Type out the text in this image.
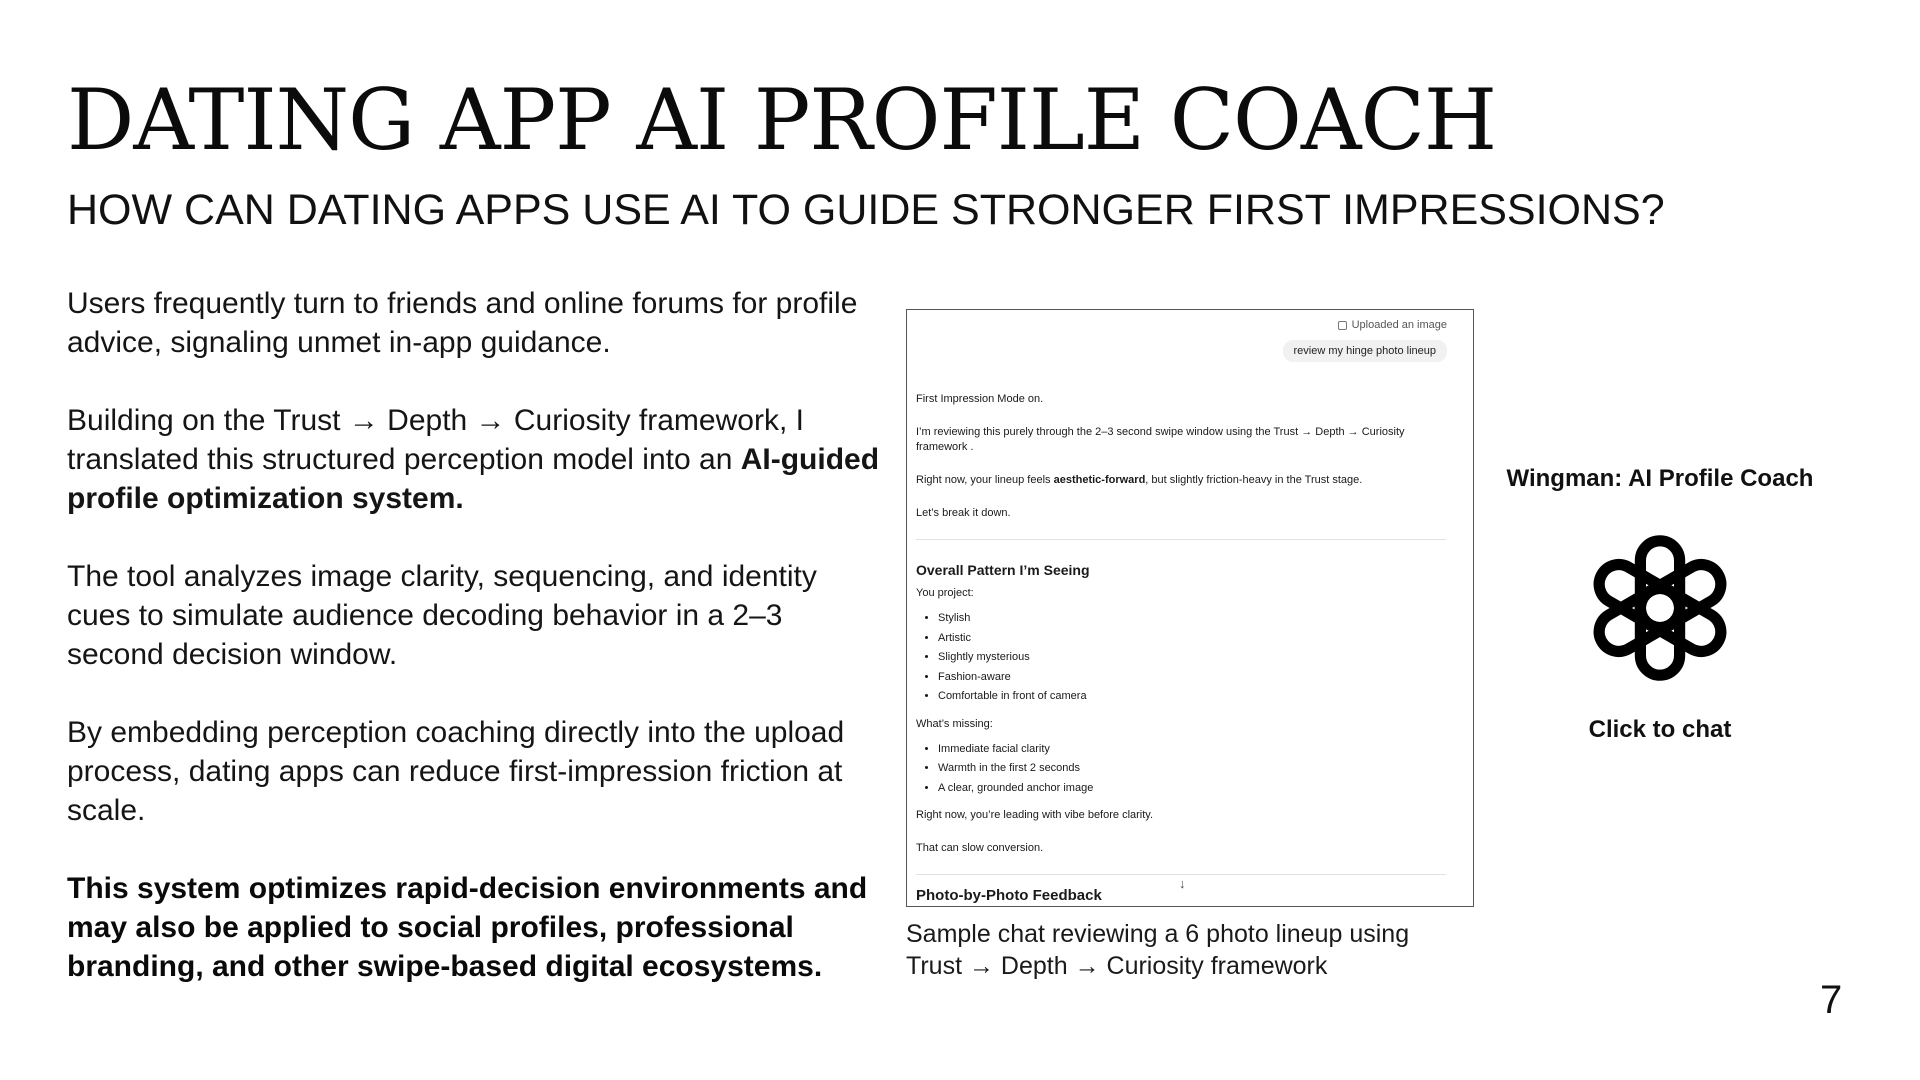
DATING APP AI PROFILE COACH
HOW CAN DATING APPS USE AI TO GUIDE STRONGER FIRST IMPRESSIONS?

Users frequently turn to friends and online forums for profile advice, signaling unmet in-app guidance.

Building on the Trust → Depth → Curiosity framework, I translated this structured perception model into an AI-guided profile optimization system.

The tool analyzes image clarity, sequencing, and identity cues to simulate audience decoding behavior in a 2–3 second decision window.

By embedding perception coaching directly into the upload process, dating apps can reduce first-impression friction at scale.

This system optimizes rapid-decision environments and may also be applied to social profiles, professional branding, and other swipe-based digital ecosystems.

Uploaded an image
review my hinge photo lineup

First Impression Mode on.

I’m reviewing this purely through the 2–3 second swipe window using the Trust → Depth → Curiosity framework .

Right now, your lineup feels aesthetic-forward, but slightly friction-heavy in the Trust stage.

Let’s break it down.

Overall Pattern I’m Seeing

You project:

• Stylish
• Artistic
• Slightly mysterious
• Fashion-aware
• Comfortable in front of camera

What’s missing:

• Immediate facial clarity
• Warmth in the first 2 seconds
• A clear, grounded anchor image

Right now, you’re leading with vibe before clarity.

That can slow conversion.

↓
Photo-by-Photo Feedback
Sample chat reviewing a 6 photo lineup using Trust → Depth → Curiosity framework
Wingman: AI Profile Coach
Click to chat
7
